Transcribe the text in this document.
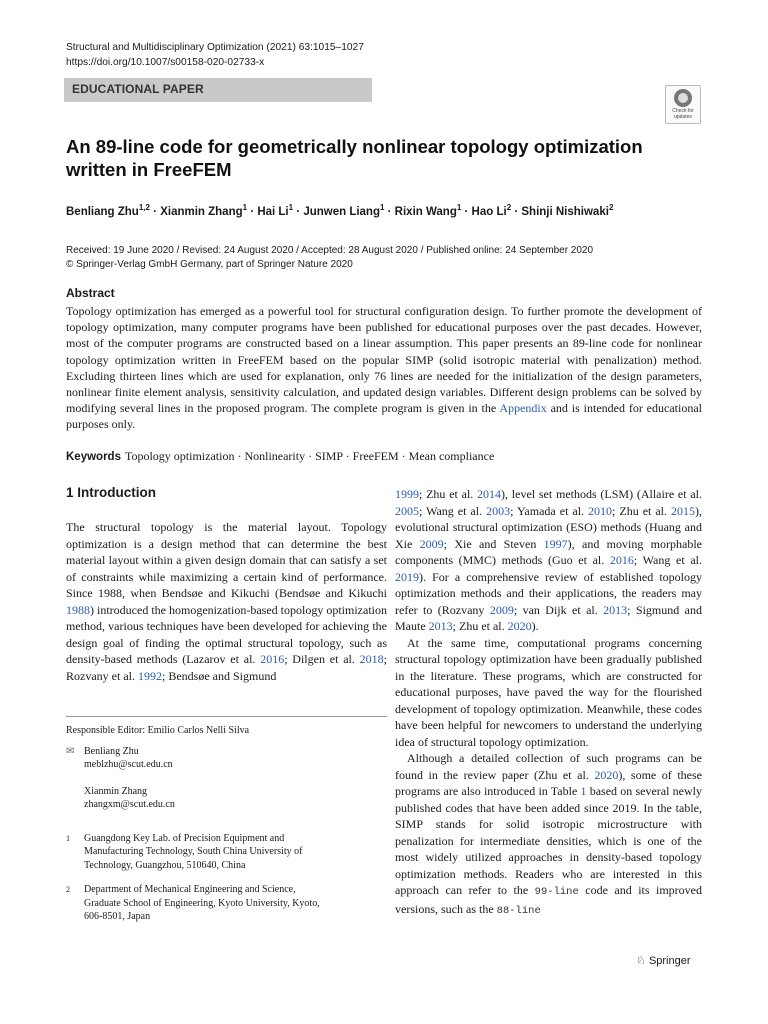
Structural and Multidisciplinary Optimization (2021) 63:1015–1027
https://doi.org/10.1007/s00158-020-02733-x
EDUCATIONAL PAPER
Check for
updates
An 89-line code for geometrically nonlinear topology optimization written in FreeFEM
Benliang Zhu$^{1,2}$ · Xianmin Zhang$^1$ · Hai $Li^1$ · Junwen Liang$^1$ · Rixin Wang$^1$ · Hao $Li^2$ · Shinji Nishiwaki$^2$
Received: 19 June 2020 / Revised: 24 August 2020 / Accepted: 28 August 2020 / Published online: 24 September 2020
© Springer-Verlag GmbH Germany, part of Springer Nature 2020
Abstract
Topology optimization has emerged as a powerful tool for structural configuration design. To further promote the development of topology optimization, many computer programs have been published for educational purposes over the past decades. However, most of the computer programs are constructed based on a linear assumption. This paper presents an 89-line code for nonlinear topology optimization written in FreeFEM based on the popular SIMP (solid isotropic material with penalization) method. Excluding thirteen lines which are used for explanation, only 76 lines are needed for the initialization of the design parameters, nonlinear finite element analysis, sensitivity calculation, and updated design variables. Different design problems can be solved by modifying several lines in the proposed program. The complete program is given in the Appendix and is intended for educational purposes only.
Keywords Topology optimization · Nonlinearity · SIMP · FreeFEM · Mean compliance
1 Introduction

The structural topology is the material layout. Topology optimization is a design method that can determine the best material layout within a given design domain that can satisfy a set of constraints while maximizing a certain kind of performance. Since 1988, when Bendsøe and Kikuchi (Bendsøe and Kikuchi 1988) introduced the homogenization-based topology optimization method, various techniques have been developed for achieving the design goal of finding the optimal structural topology, such as density-based methods (Lazarov et al. 2016; Dilgen et al. 2018; Rozvany et al. 1992; Bendsøe and Sigmund

Responsible Editor: Emilio Carlos Nelli Silva
✉ Benliang Zhu
meblzhu@scut.edu.cn
Xianmin Zhang
zhangxm@scut.edu.cn
1	Guangdong Key Lab. of Precision Equipment and Manufacturing Technology, South China University of Technology, Guangzhou, 510640, China
2	Department of Mechanical Engineering and Science, Graduate School of Engineering, Kyoto University, Kyoto, 606-8501, Japan

1999; Zhu et al. 2014), level set methods (LSM) (Allaire et al. 2005; Wang et al. 2003; Yamada et al. 2010; Zhu et al. 2015), evolutional structural optimization (ESO) methods (Huang and Xie 2009; Xie and Steven 1997), and moving morphable components (MMC) methods (Guo et al. 2016; Wang et al. 2019). For a comprehensive review of established topology optimization methods and their applications, the readers may refer to (Rozvany 2009; van Dijk et al. 2013; Sigmund and Maute 2013; Zhu et al. 2020).

At the same time, computational programs concerning structural topology optimization have been gradually published in the literature. These programs, which are constructed for educational purposes, have paved the way for the flourished development of topology optimization. Meanwhile, these codes have been helpful for newcomers to understand the underlying idea of structural topology optimization.

Although a detailed collection of such programs can be found in the review paper (Zhu et al. 2020), some of these programs are also introduced in Table 1 based on several newly published codes that have been added since 2019. In the table, SIMP stands for solid isotropic microstructure with penalization for intermediate densities, which is one of the most widely utilized approaches in density-based topology optimization methods. Readers who are interested in this approach can refer to the 99-line code and its improved versions, such as the 88-line

♘ Springer
